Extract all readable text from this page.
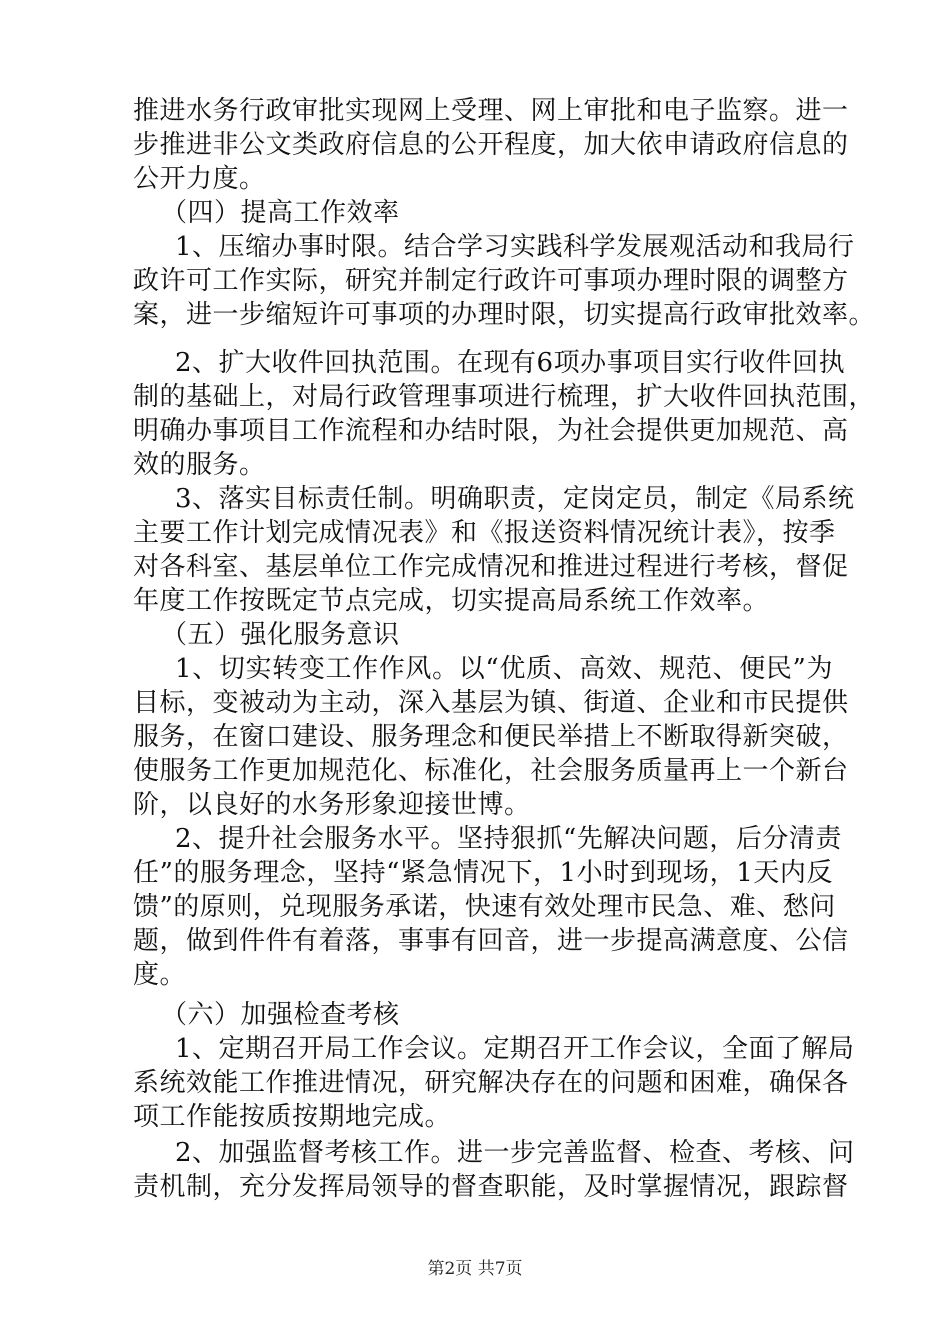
推进水务行政审批实现网上受理、网上审批和电子监察。进一
步推进非公文类政府信息的公开程度，加大依申请政府信息的
公开力度。
（四）提高工作效率
1、压缩办事时限。结合学习实践科学发展观活动和我局行
政许可工作实际，研究并制定行政许可事项办理时限的调整方
案，进一步缩短许可事项的办理时限，切实提高行政审批效率。
2、扩大收件回执范围。在现有6项办事项目实行收件回执
制的基础上，对局行政管理事项进行梳理，扩大收件回执范围，
明确办事项目工作流程和办结时限，为社会提供更加规范、高
效的服务。
3、落实目标责任制。明确职责，定岗定员，制定《局系统
主要工作计划完成情况表》和《报送资料情况统计表》，按季
对各科室、基层单位工作完成情况和推进过程进行考核，督促
年度工作按既定节点完成，切实提高局系统工作效率。
（五）强化服务意识
1、切实转变工作作风。以“优质、高效、规范、便民”为
目标，变被动为主动，深入基层为镇、街道、企业和市民提供
服务，在窗口建设、服务理念和便民举措上不断取得新突破，
使服务工作更加规范化、标准化，社会服务质量再上一个新台
阶，以良好的水务形象迎接世博。
2、提升社会服务水平。坚持狠抓“先解决问题，后分清责
任”的服务理念，坚持“紧急情况下，1小时到现场，1天内反
馈”的原则，兑现服务承诺，快速有效处理市民急、难、愁问
题，做到件件有着落，事事有回音，进一步提高满意度、公信
度。
（六）加强检查考核
1、定期召开局工作会议。定期召开工作会议，全面了解局
系统效能工作推进情况，研究解决存在的问题和困难，确保各
项工作能按质按期地完成。
2、加强监督考核工作。进一步完善监督、检查、考核、问
责机制，充分发挥局领导的督查职能，及时掌握情况，跟踪督
第2页 共7页
